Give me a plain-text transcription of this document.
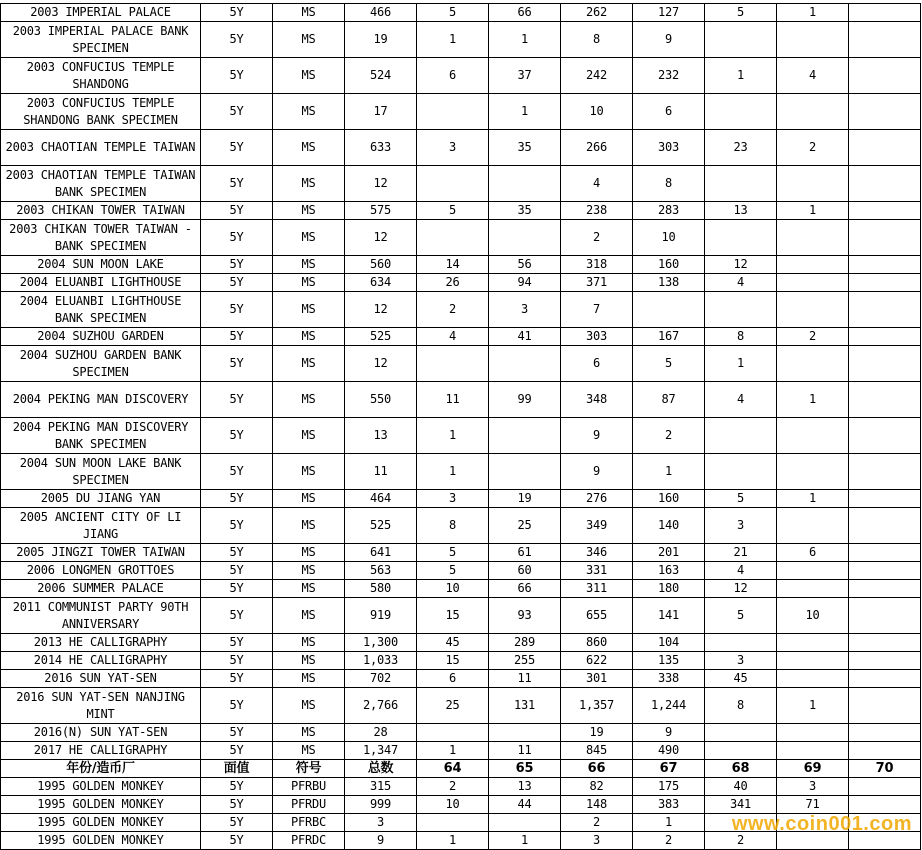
2003 IMPERIAL PALACE	5Y	MS	466	5	66	262	127	5	1	
2003 IMPERIAL PALACE BANK SPECIMEN	5Y	MS	19	1	1	8	9			
2003 CONFUCIUS TEMPLE SHANDONG	5Y	MS	524	6	37	242	232	1	4	
2003 CONFUCIUS TEMPLE SHANDONG BANK SPECIMEN	5Y	MS	17		1	10	6			
2003 CHAOTIAN TEMPLE TAIWAN	5Y	MS	633	3	35	266	303	23	2	
2003 CHAOTIAN TEMPLE TAIWAN BANK SPECIMEN	5Y	MS	12			4	8			
2003 CHIKAN TOWER TAIWAN	5Y	MS	575	5	35	238	283	13	1	
2003 CHIKAN TOWER TAIWAN - BANK SPECIMEN	5Y	MS	12			2	10			
2004 SUN MOON LAKE	5Y	MS	560	14	56	318	160	12		
2004 ELUANBI LIGHTHOUSE	5Y	MS	634	26	94	371	138	4		
2004 ELUANBI LIGHTHOUSE BANK SPECIMEN	5Y	MS	12	2	3	7				
2004 SUZHOU GARDEN	5Y	MS	525	4	41	303	167	8	2	
2004 SUZHOU GARDEN BANK SPECIMEN	5Y	MS	12			6	5	1		
2004 PEKING MAN DISCOVERY	5Y	MS	550	11	99	348	87	4	1	
2004 PEKING MAN DISCOVERY BANK SPECIMEN	5Y	MS	13	1		9	2			
2004 SUN MOON LAKE BANK SPECIMEN	5Y	MS	11	1		9	1			
2005 DU JIANG YAN	5Y	MS	464	3	19	276	160	5	1	
2005 ANCIENT CITY OF LI JIANG	5Y	MS	525	8	25	349	140	3		
2005 JINGZI TOWER TAIWAN	5Y	MS	641	5	61	346	201	21	6	
2006 LONGMEN GROTTOES	5Y	MS	563	5	60	331	163	4		
2006 SUMMER PALACE	5Y	MS	580	10	66	311	180	12		
2011 COMMUNIST PARTY 90TH ANNIVERSARY	5Y	MS	919	15	93	655	141	5	10	
2013 HE CALLIGRAPHY	5Y	MS	1,300	45	289	860	104			
2014 HE CALLIGRAPHY	5Y	MS	1,033	15	255	622	135	3		
2016 SUN YAT-SEN	5Y	MS	702	6	11	301	338	45		
2016 SUN YAT-SEN NANJING MINT	5Y	MS	2,766	25	131	1,357	1,244	8	1	
2016(N) SUN YAT-SEN	5Y	MS	28			19	9			
2017 HE CALLIGRAPHY	5Y	MS	1,347	1	11	845	490			
年份/造币厂	面值	符号	总数	64	65	66	67	68	69	70
1995 GOLDEN MONKEY	5Y	PFRBU	315	2	13	82	175	40	3	
1995 GOLDEN MONKEY	5Y	PFRDU	999	10	44	148	383	341	71	
1995 GOLDEN MONKEY	5Y	PFRBC	3			2	1			
1995 GOLDEN MONKEY	5Y	PFRDC	9	1	1	3	2	2		
www.coin001.com
